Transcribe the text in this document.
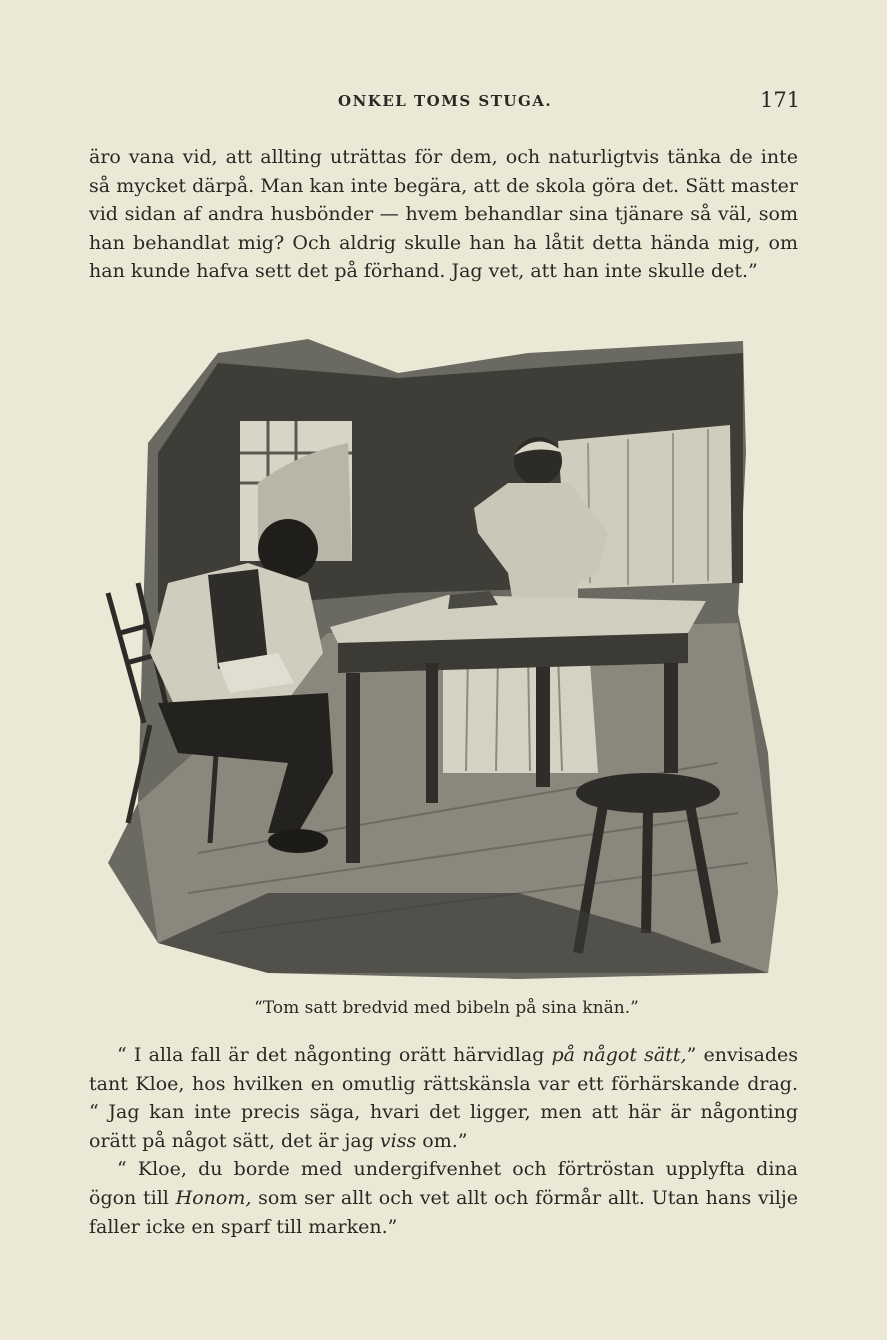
ONKEL TOMS STUGA.	171

äro vana vid, att allting uträttas för dem, och naturligtvis tänka de inte så mycket därpå. Man kan inte begära, att de skola göra det. Sätt master vid sidan af andra husbönder — hvem behandlar sina tjänare så väl, som han behandlat mig? Och aldrig skulle han ha låtit detta hända mig, om han kunde hafva sett det på förhand. Jag vet, att han inte skulle det.”

“Tom satt bredvid med bibeln på sina knän.”

“ I alla fall är det någonting orätt härvidlag på något sätt,” envisades tant Kloe, hos hvilken en omutlig rättskänsla var ett förhärskande drag. “ Jag kan inte precis säga, hvari det ligger, men att här är någonting orätt på något sätt, det är jag viss om.”

“ Kloe, du borde med undergifvenhet och förtröstan upplyfta dina ögon till Honom, som ser allt och vet allt och förmår allt. Utan hans vilje faller icke en sparf till marken.”
